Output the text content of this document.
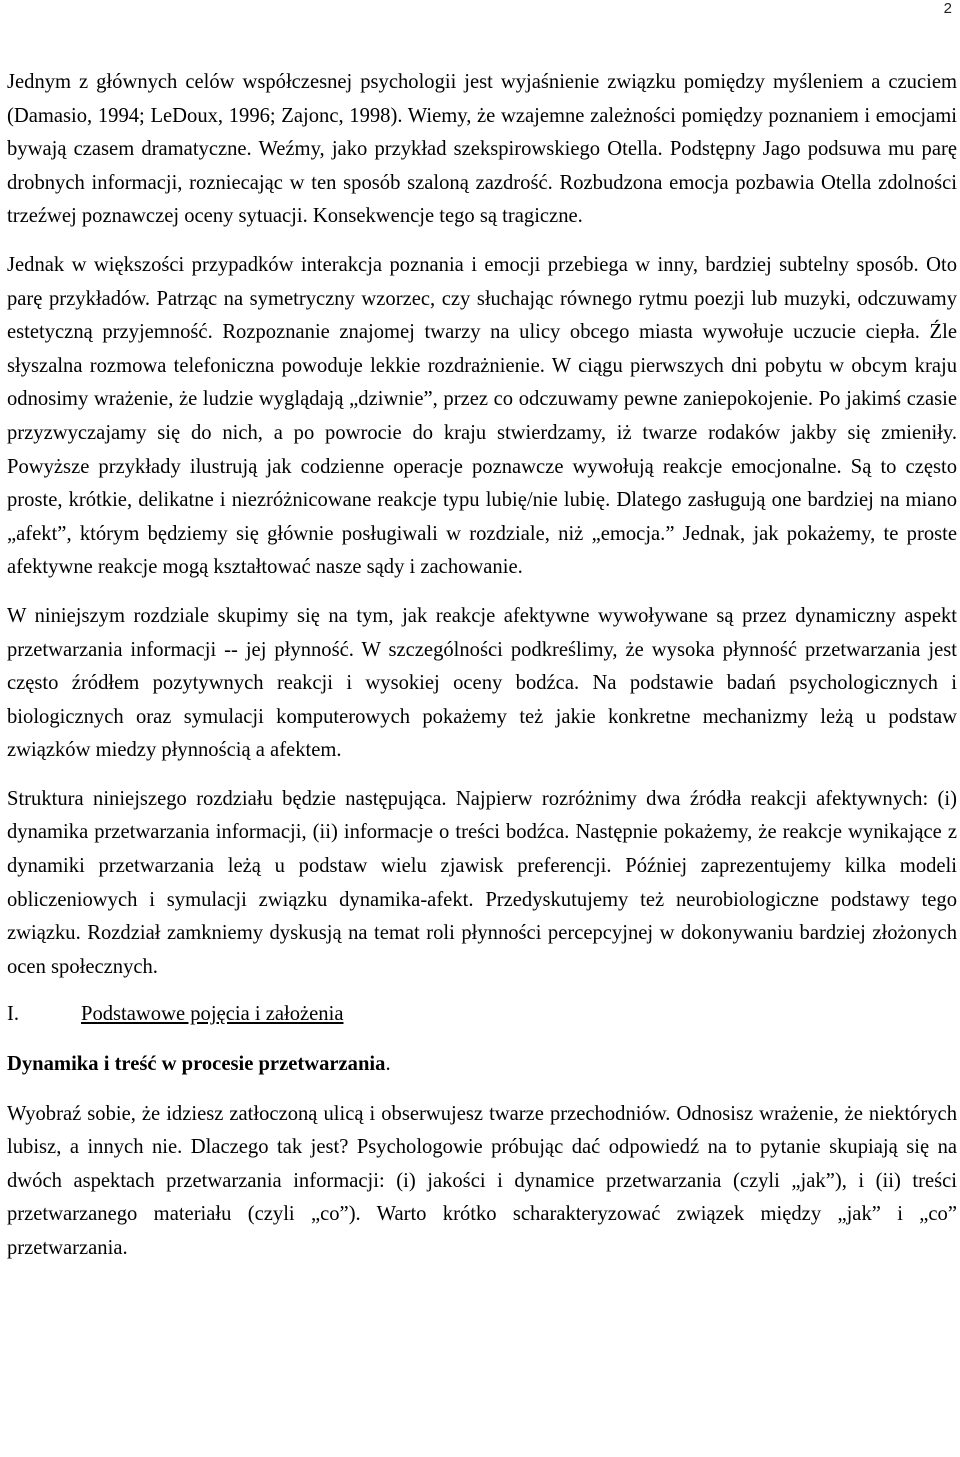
2

Jednym z głównych celów współczesnej psychologii jest wyjaśnienie związku pomiędzy myśleniem a czuciem (Damasio, 1994; LeDoux, 1996; Zajonc, 1998). Wiemy, że wzajemne zależności pomiędzy poznaniem i emocjami bywają czasem dramatyczne. Weźmy, jako przykład szekspirowskiego Otella. Podstępny Jago podsuwa mu parę drobnych informacji, rozniecając w ten sposób szaloną zazdrość. Rozbudzona emocja pozbawia Otella zdolności trzeźwej poznawczej oceny sytuacji. Konsekwencje tego są tragiczne.

Jednak w większości przypadków interakcja poznania i emocji przebiega w inny, bardziej subtelny sposób. Oto parę przykładów. Patrząc na symetryczny wzorzec, czy słuchając równego rytmu poezji lub muzyki, odczuwamy estetyczną przyjemność. Rozpoznanie znajomej twarzy na ulicy obcego miasta wywołuje uczucie ciepła. Źle słyszalna rozmowa telefoniczna powoduje lekkie rozdrażnienie. W ciągu pierwszych dni pobytu w obcym kraju odnosimy wrażenie, że ludzie wyglądają „dziwnie”, przez co odczuwamy pewne zaniepokojenie. Po jakimś czasie przyzwyczajamy się do nich, a po powrocie do kraju stwierdzamy, iż twarze rodaków jakby się zmieniły. Powyższe przykłady ilustrują jak codzienne operacje poznawcze wywołują reakcje emocjonalne. Są to często proste, krótkie, delikatne i niezróżnicowane reakcje typu lubię/nie lubię. Dlatego zasługują one bardziej na miano „afekt”, którym będziemy się głównie posługiwali w rozdziale, niż „emocja.” Jednak, jak pokażemy, te proste afektywne reakcje mogą kształtować nasze sądy i zachowanie.

W niniejszym rozdziale skupimy się na tym, jak reakcje afektywne wywoływane są przez dynamiczny aspekt przetwarzania informacji -- jej płynność. W szczególności podkreślimy, że wysoka płynność przetwarzania jest często źródłem pozytywnych reakcji i wysokiej oceny bodźca. Na podstawie badań psychologicznych i biologicznych oraz symulacji komputerowych pokażemy też jakie konkretne mechanizmy leżą u podstaw związków miedzy płynnością a afektem.

Struktura niniejszego rozdziału będzie następująca. Najpierw rozróżnimy dwa źródła reakcji afektywnych: (i) dynamika przetwarzania informacji, (ii) informacje o treści bodźca. Następnie pokażemy, że reakcje wynikające z dynamiki przetwarzania leżą u podstaw wielu zjawisk preferencji. Później zaprezentujemy kilka modeli obliczeniowych i symulacji związku dynamika-afekt. Przedyskutujemy też neurobiologiczne podstawy tego związku. Rozdział zamkniemy dyskusją na temat roli płynności percepcyjnej w dokonywaniu bardziej złożonych ocen społecznych.

I.	Podstawowe pojęcia i założenia
Dynamika i treść w procesie przetwarzania.

Wyobraź sobie, że idziesz zatłoczoną ulicą i obserwujesz twarze przechodniów. Odnosisz wrażenie, że niektórych lubisz, a innych nie. Dlaczego tak jest? Psychologowie próbując dać odpowiedź na to pytanie skupiają się na dwóch aspektach przetwarzania informacji: (i) jakości i dynamice przetwarzania (czyli „jak”), i (ii) treści przetwarzanego materiału (czyli „co”). Warto krótko scharakteryzować związek między „jak” i „co” przetwarzania.
